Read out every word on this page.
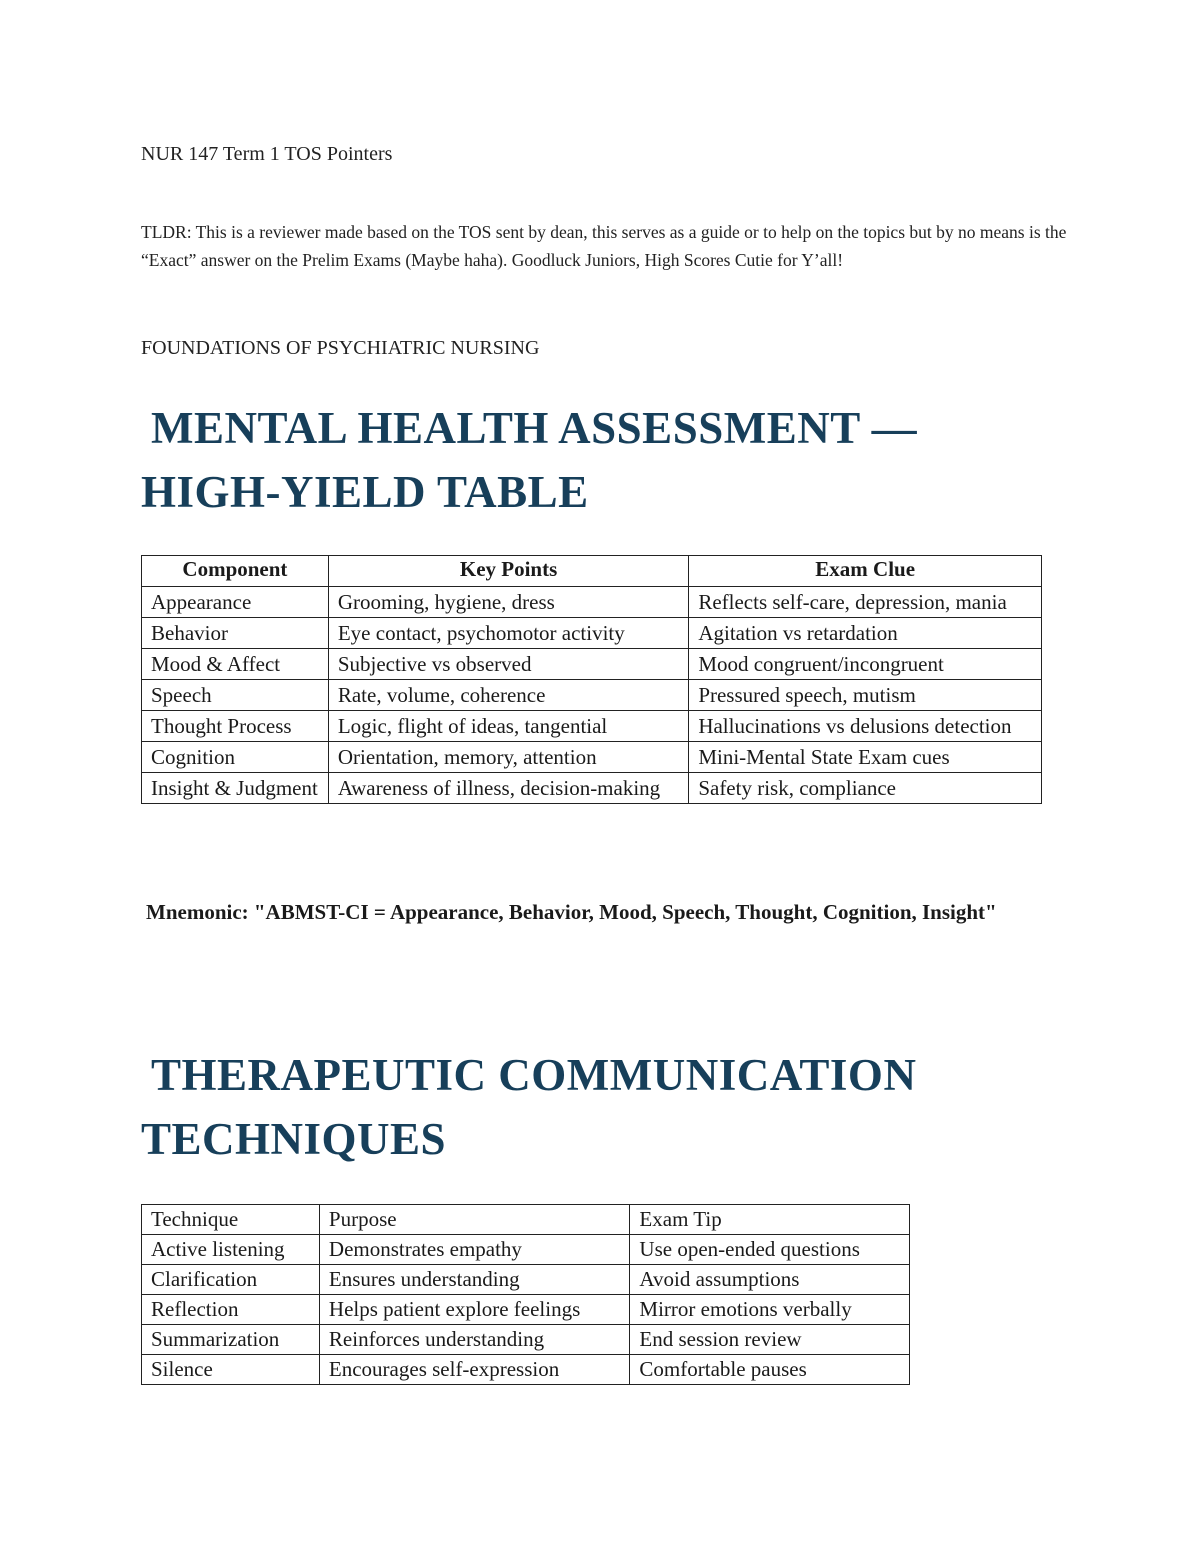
NUR 147 Term 1 TOS Pointers
TLDR: This is a reviewer made based on the TOS sent by dean, this serves as a guide or to help on the topics but by no means is the “Exact” answer on the Prelim Exams (Maybe haha). Goodluck Juniors, High Scores Cutie for Y’all!
FOUNDATIONS OF PSYCHIATRIC NURSING
MENTAL HEALTH ASSESSMENT —
HIGH-YIELD TABLE
Component	Key Points	Exam Clue
Appearance	Grooming, hygiene, dress	Reflects self-care, depression, mania
Behavior	Eye contact, psychomotor activity	Agitation vs retardation
Mood & Affect	Subjective vs observed	Mood congruent/incongruent
Speech	Rate, volume, coherence	Pressured speech, mutism
Thought Process	Logic, flight of ideas, tangential	Hallucinations vs delusions detection
Cognition	Orientation, memory, attention	Mini-Mental State Exam cues
Insight & Judgment	Awareness of illness, decision-making	Safety risk, compliance
Mnemonic: "ABMST-CI = Appearance, Behavior, Mood, Speech, Thought, Cognition, Insight"
THERAPEUTIC COMMUNICATION
TECHNIQUES
Technique	Purpose	Exam Tip
Active listening	Demonstrates empathy	Use open-ended questions
Clarification	Ensures understanding	Avoid assumptions
Reflection	Helps patient explore feelings	Mirror emotions verbally
Summarization	Reinforces understanding	End session review
Silence	Encourages self-expression	Comfortable pauses
